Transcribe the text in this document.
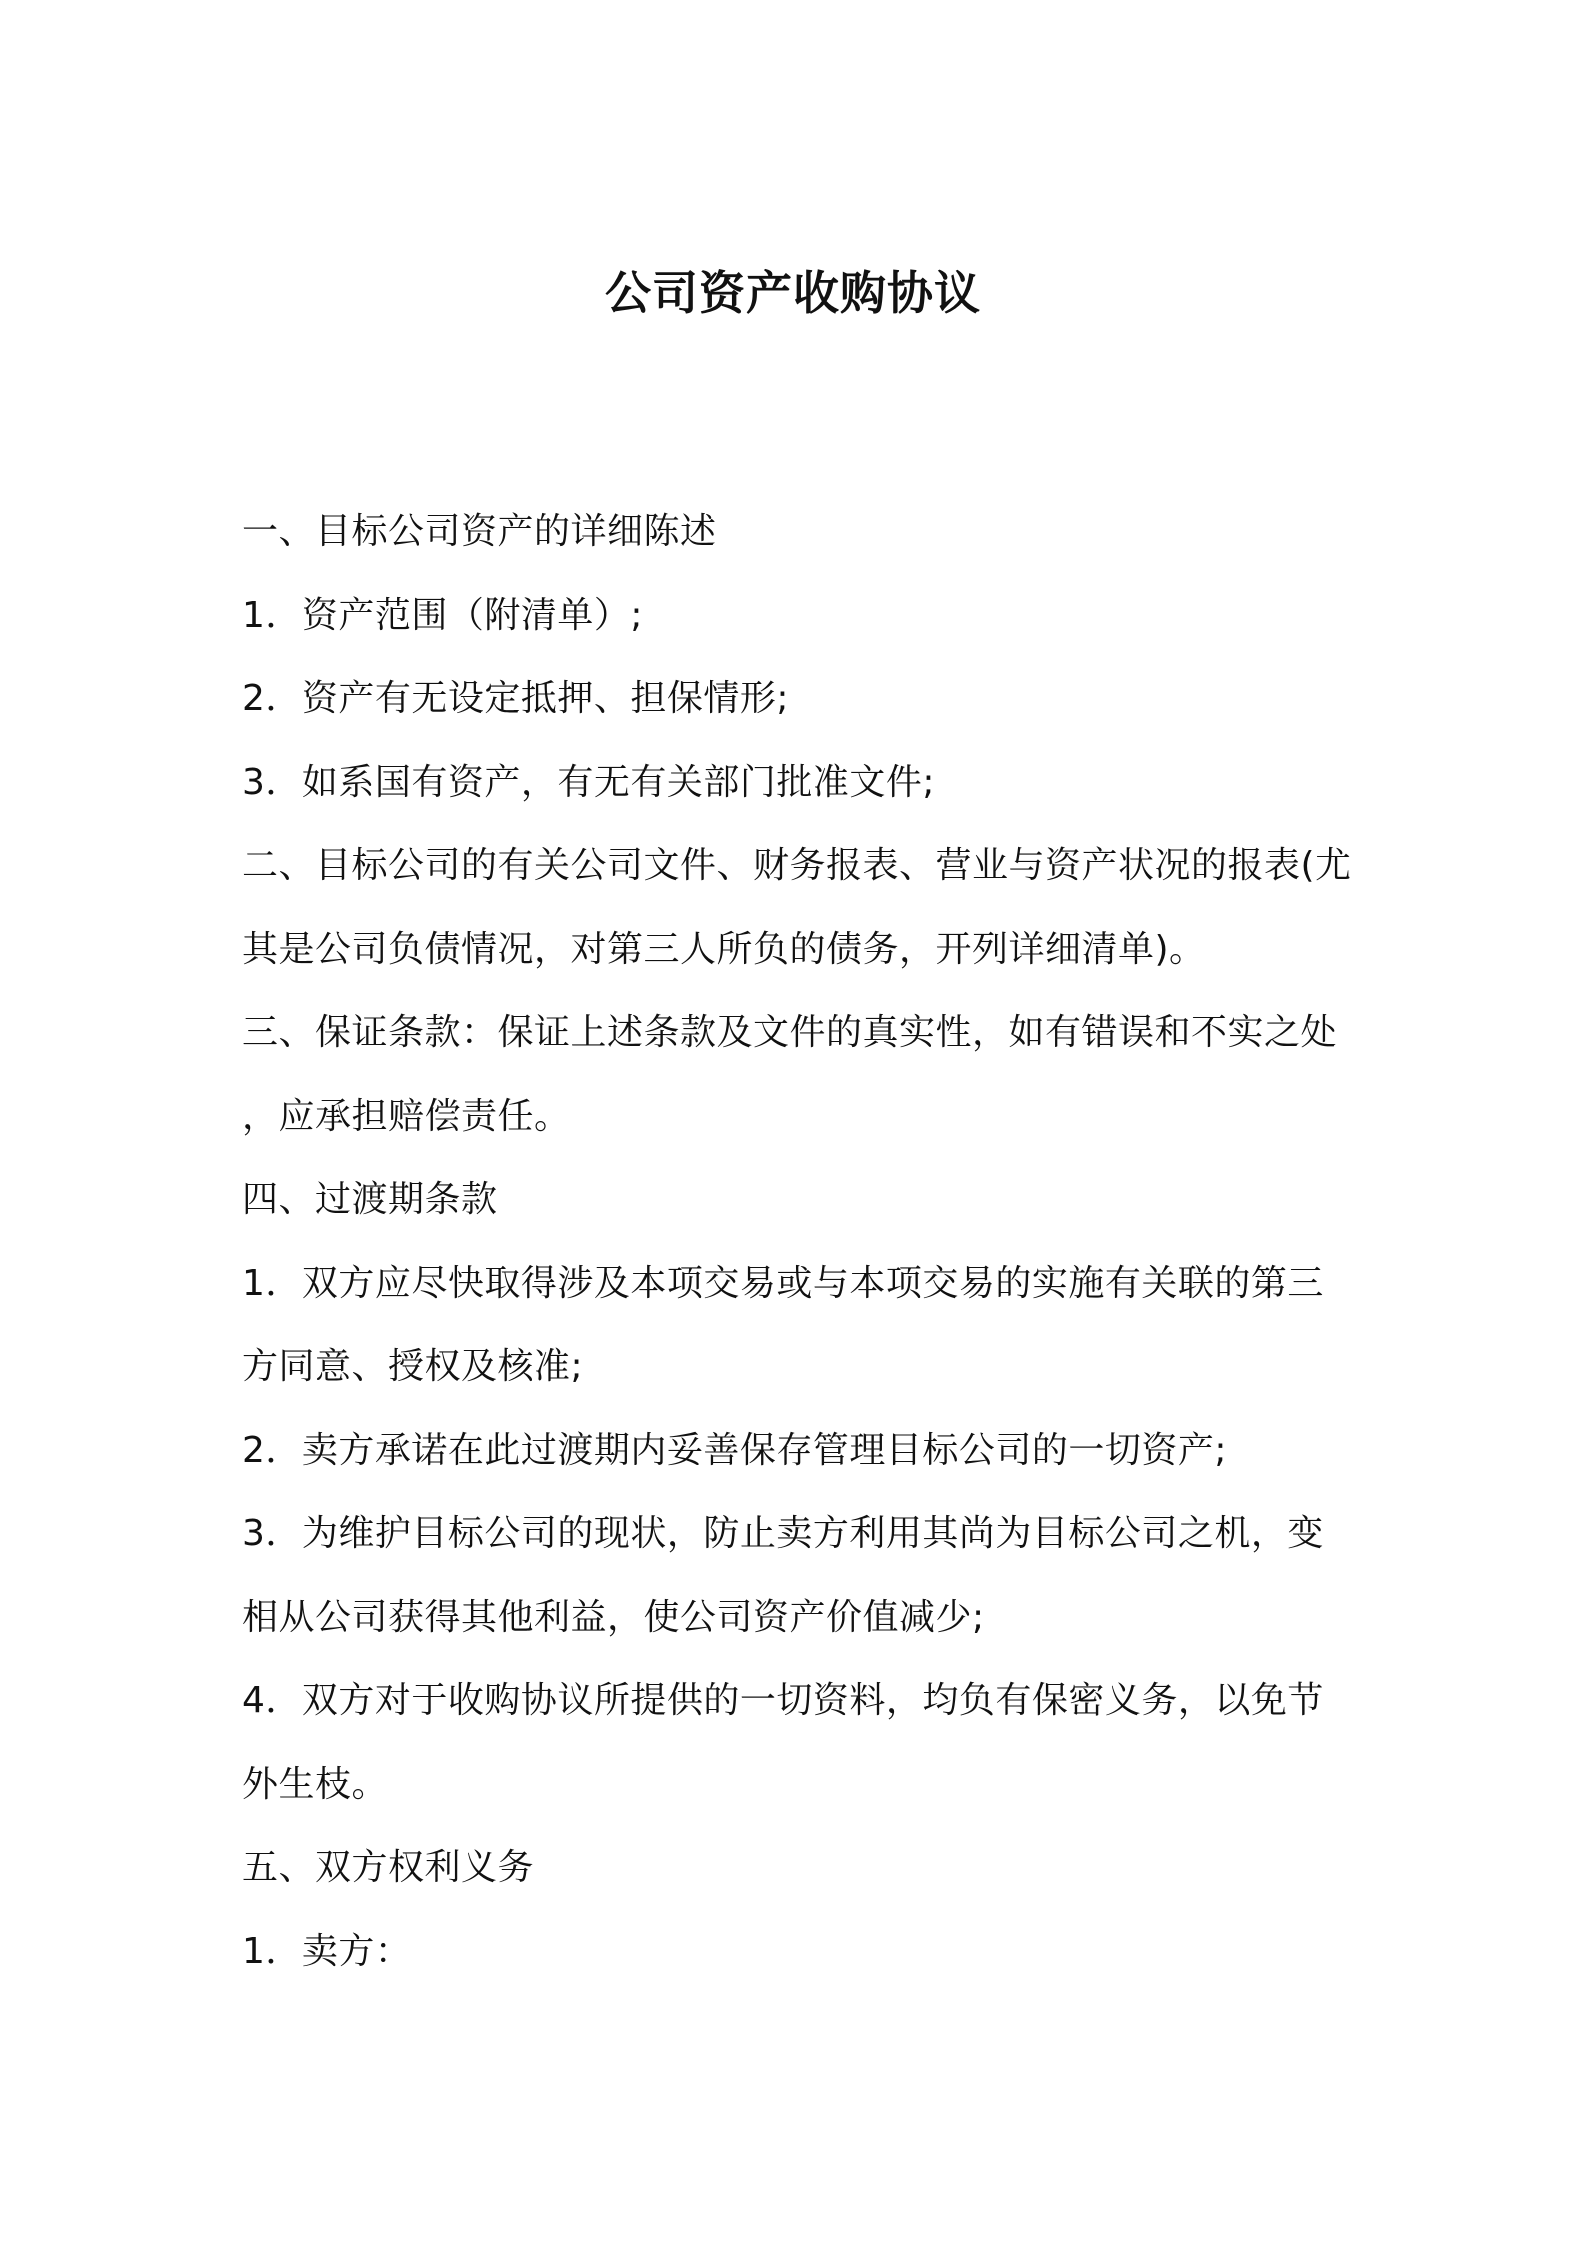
公司资产收购协议
一、目标公司资产的详细陈述
1．资产范围（附清单）;
2．资产有无设定抵押、担保情形;
3．如系国有资产，有无有关部门批准文件;
二、目标公司的有关公司文件、财务报表、营业与资产状况的报表(尤
其是公司负债情况，对第三人所负的债务，开列详细清单)。
三、保证条款：保证上述条款及文件的真实性，如有错误和不实之处
，应承担赔偿责任。
四、过渡期条款
1．双方应尽快取得涉及本项交易或与本项交易的实施有关联的第三
方同意、授权及核准;
2．卖方承诺在此过渡期内妥善保存管理目标公司的一切资产;
3．为维护目标公司的现状，防止卖方利用其尚为目标公司之机，变
相从公司获得其他利益，使公司资产价值减少;
4．双方对于收购协议所提供的一切资料，均负有保密义务，以免节
外生枝。
五、双方权利义务
1．卖方：
